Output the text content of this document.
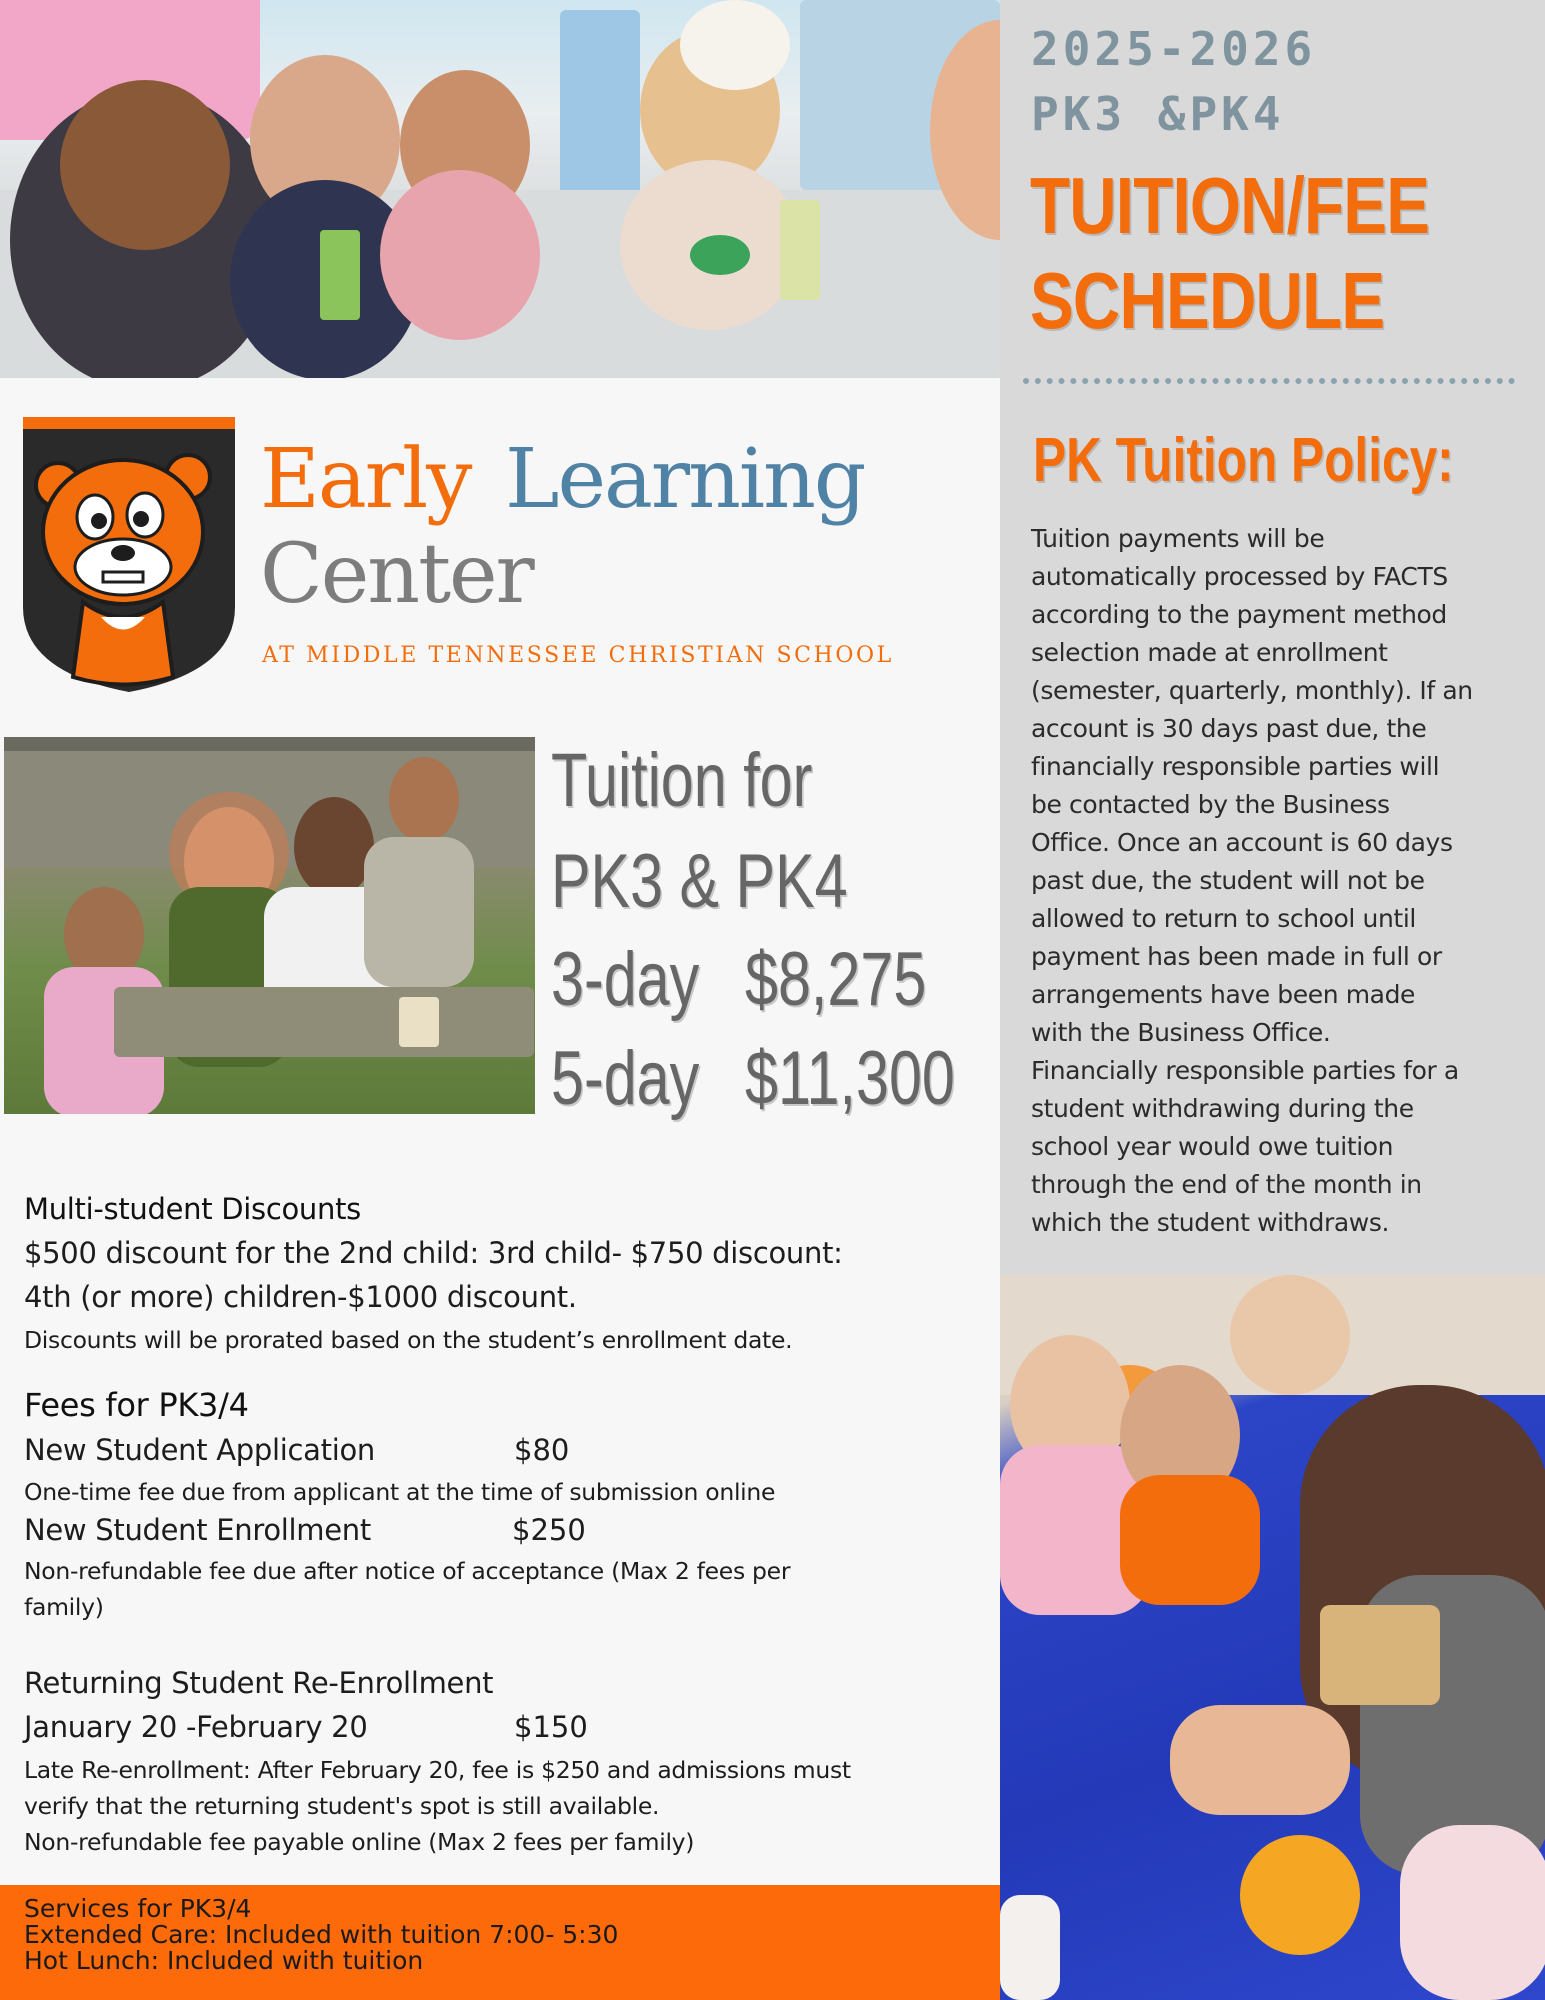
2025-2026
PK3 &PK4
TUITION/FEE
SCHEDULE
PK Tuition Policy:
Tuition payments will be
automatically processed by FACTS
according to the payment method
selection made at enrollment
(semester, quarterly, monthly). If an
account is 30 days past due, the
financially responsible parties will
be contacted by the Business
Office. Once an account is 60 days
past due, the student will not be
allowed to return to school until
payment has been made in full or
arrangements have been made
with the Business Office.
Financially responsible parties for a
student withdrawing during the
school year would owe tuition
through the end of the month in
which the student withdraws.
Early Learning
Center
AT MIDDLE TENNESSEE CHRISTIAN SCHOOL
Tuition for
PK3 & PK4
3-day $8,275
5-day $11,300
Multi-student Discounts
$500 discount for the 2nd child: 3rd child- $750 discount:
4th (or more) children-$1000 discount.
Discounts will be prorated based on the student’s enrollment date.
Fees for PK3/4
New Student Application	$80
One-time fee due from applicant at the time of submission online
New Student Enrollment	$250
Non-refundable fee due after notice of acceptance (Max 2 fees per
family)
Returning Student Re-Enrollment
January 20 -February 20	$150
Late Re-enrollment: After February 20, fee is $250 and admissions must
verify that the returning student's spot is still available.
Non-refundable fee payable online (Max 2 fees per family)
Services for PK3/4
Extended Care: Included with tuition 7:00- 5:30
Hot Lunch: Included with tuition
